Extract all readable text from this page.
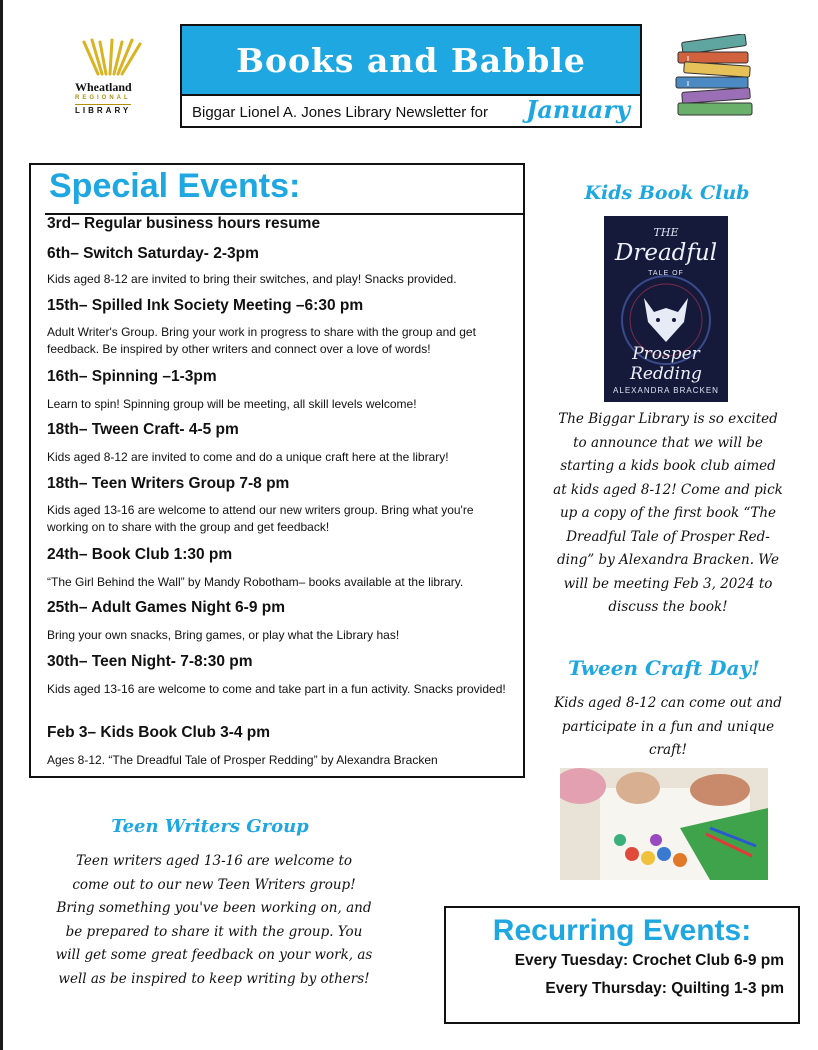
Wheatland
REGIONAL
LIBRARY
Books and Babble
Biggar Lionel A. Jones Library Newsletter for January
Special Events:
3rd– Regular business hours resume
6th– Switch Saturday- 2-3pm
Kids aged 8-12 are invited to bring their switches, and play! Snacks provided.
15th– Spilled Ink Society Meeting –6:30 pm
Adult Writer's Group. Bring your work in progress to share with the group and get feedback. Be inspired by other writers and connect over a love of words!
16th– Spinning –1-3pm
Learn to spin! Spinning group will be meeting, all skill levels welcome!
18th– Tween Craft- 4-5 pm
Kids aged 8-12 are invited to come and do a unique craft here at the library!
18th– Teen Writers Group 7-8 pm
Kids aged 13-16 are welcome to attend our new writers group. Bring what you're working on to share with the group and get feedback!
24th– Book Club 1:30 pm
“The Girl Behind the Wall” by Mandy Robotham– books available at the library.
25th– Adult Games Night 6-9 pm
Bring your own snacks, Bring games, or play what the Library has!
30th– Teen Night- 7-8:30 pm
Kids aged 13-16 are welcome to come and take part in a fun activity. Snacks provided!
Feb 3– Kids Book Club 3-4 pm
Ages 8-12. “The Dreadful Tale of Prosper Redding” by Alexandra Bracken
Kids Book Club
THE
Dreadful
TALE OF
Prosper Redding
ALEXANDRA BRACKEN
The Biggar Library is so excited
to announce that we will be
starting a kids book club aimed
at kids aged 8-12! Come and pick
up a copy of the first book “The
Dreadful Tale of Prosper Red-
ding” by Alexandra Bracken. We
will be meeting Feb 3, 2024 to
discuss the book!
Tween Craft Day!
Kids aged 8-12 can come out and
participate in a fun and unique
craft!
Teen Writers Group
Teen writers aged 13-16 are welcome to
come out to our new Teen Writers group!
Bring something you've been working on, and
be prepared to share it with the group. You
will get some great feedback on your work, as
well as be inspired to keep writing by others!
Recurring Events:
Every Tuesday: Crochet Club 6-9 pm
Every Thursday: Quilting 1-3 pm
